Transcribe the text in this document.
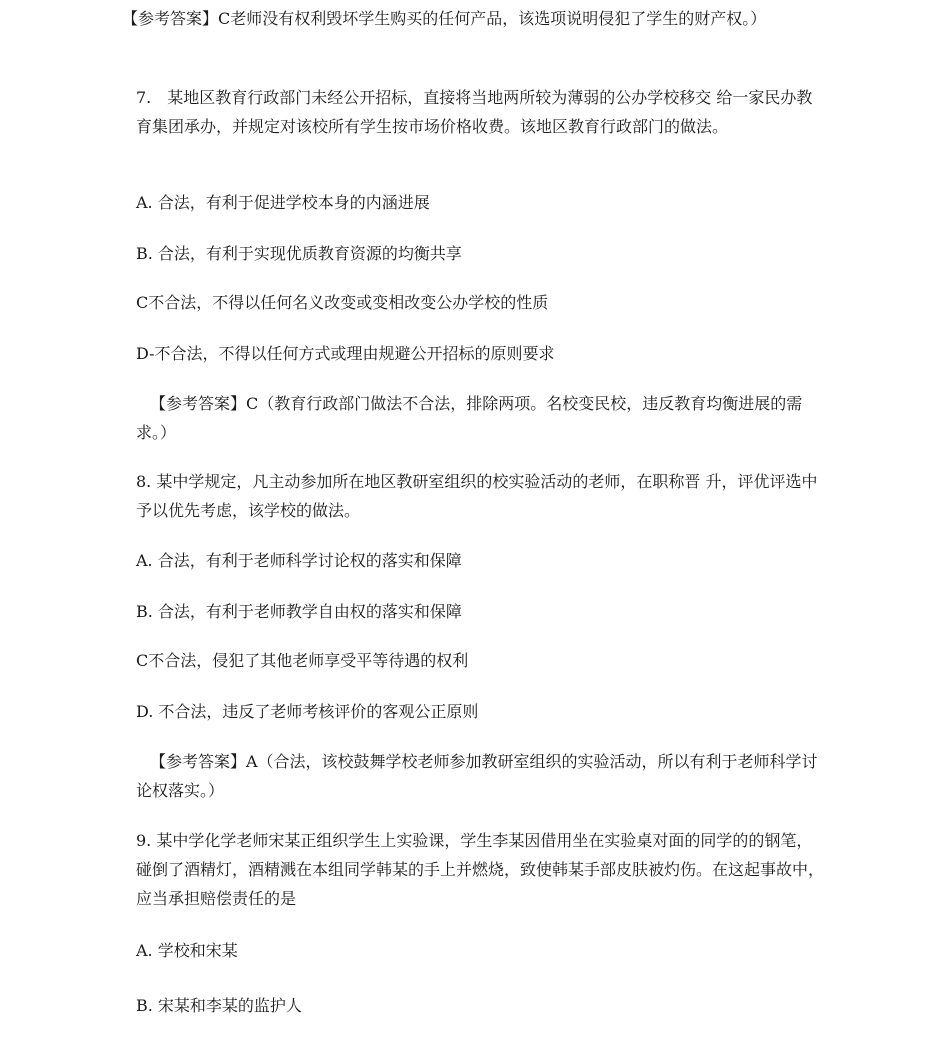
【参考答案】C老师没有权利毁坏学生购买的任何产品，该选项说明侵犯了学生的财产权。）

7.　某地区教育行政部门未经公开招标，直接将当地两所较为薄弱的公办学校移交 给一家民办教育集团承办，并规定对该校所有学生按市场价格收费。该地区教育行政部门的做法。

A. 合法，有利于促进学校本身的内涵进展

B. 合法，有利于实现优质教育资源的均衡共享

C不合法，不得以任何名义改变或变相改变公办学校的性质

D-不合法，不得以任何方式或理由规避公开招标的原则要求

【参考答案】C（教育行政部门做法不合法，排除两项。名校变民校，违反教育均衡进展的需求。）

8. 某中学规定，凡主动参加所在地区教研室组织的校实验活动的老师，在职称晋 升，评优评选中予以优先考虑，该学校的做法。

A. 合法，有利于老师科学讨论权的落实和保障

B. 合法，有利于老师教学自由权的落实和保障

C不合法，侵犯了其他老师享受平等待遇的权利

D. 不合法，违反了老师考核评价的客观公正原则

【参考答案】A（合法，该校鼓舞学校老师参加教研室组织的实验活动，所以有利于老师科学讨论权落实。）

9. 某中学化学老师宋某正组织学生上实验课，学生李某因借用坐在实验桌对面的同学的的钢笔，碰倒了酒精灯，酒精溅在本组同学韩某的手上并燃烧，致使韩某手部皮肤被灼伤。在这起事故中，应当承担赔偿责任的是

A. 学校和宋某

B. 宋某和李某的监护人
